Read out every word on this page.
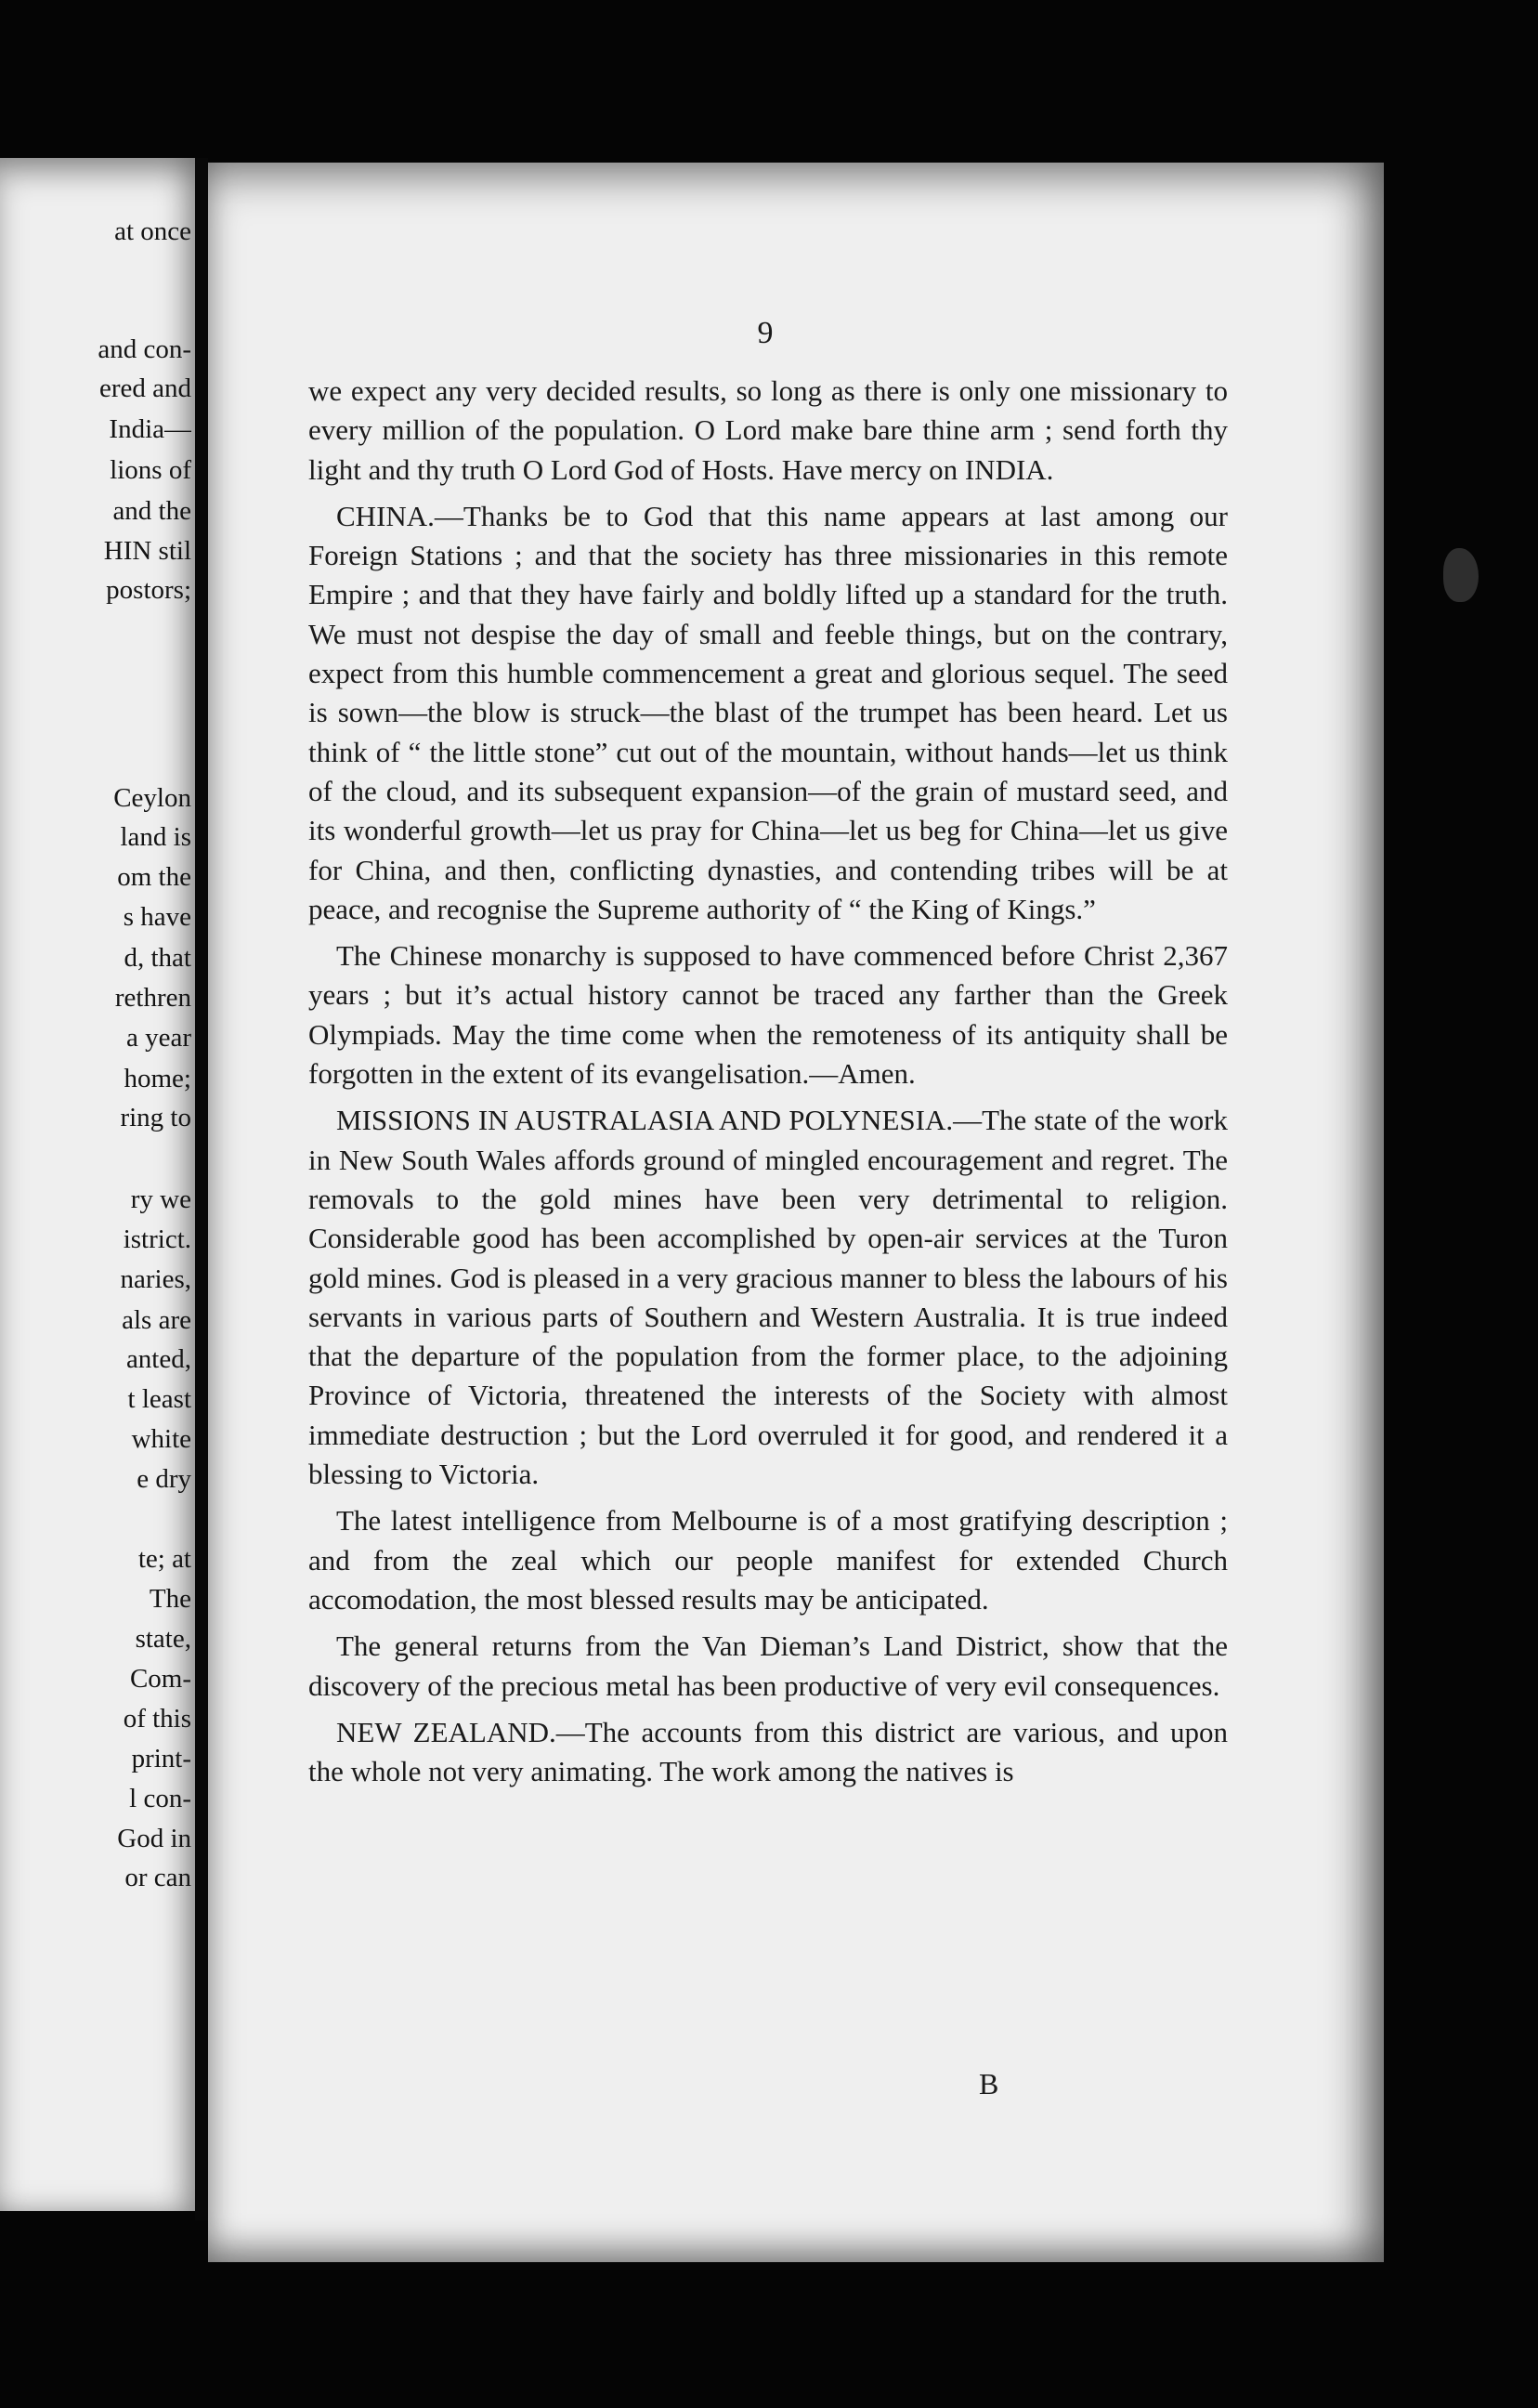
at once
and con-
ered and
India—
lions of
and the
HIN stil
postors;
Ceylon
land is
om the
s have
d, that
rethren
a year
home;
ring to
ry we
istrict.
naries,
als are
anted,
t least
white
e dry
te; at
The
state,
Com-
of this
print-
l con-
God in
or can
9

we expect any very decided results, so long as there is only one missionary to every million of the population. O Lord make bare thine arm ; send forth thy light and thy truth O Lord God of Hosts. Have mercy on INDIA.

CHINA.—Thanks be to God that this name appears at last among our Foreign Stations ; and that the society has three missionaries in this remote Empire ; and that they have fairly and boldly lifted up a standard for the truth. We must not despise the day of small and feeble things, but on the contrary, expect from this humble commencement a great and glorious sequel. The seed is sown—the blow is struck—the blast of the trumpet has been heard. Let us think of “ the little stone” cut out of the mountain, without hands—let us think of the cloud, and its subsequent expansion—of the grain of mustard seed, and its wonderful growth—let us pray for China—let us beg for China—let us give for China, and then, conflicting dynasties, and contending tribes will be at peace, and recognise the Supreme authority of “ the King of Kings.”

The Chinese monarchy is supposed to have commenced before Christ 2,367 years ; but it’s actual history cannot be traced any farther than the Greek Olympiads. May the time come when the remoteness of its antiquity shall be forgotten in the extent of its evangelisation.—Amen.

MISSIONS IN AUSTRALASIA AND POLYNESIA.—The state of the work in New South Wales affords ground of mingled encouragement and regret. The removals to the gold mines have been very detrimental to religion. Considerable good has been accomplished by open-air services at the Turon gold mines. God is pleased in a very gracious manner to bless the labours of his servants in various parts of Southern and Western Australia. It is true indeed that the departure of the population from the former place, to the adjoining Province of Victoria, threatened the interests of the Society with almost immediate destruction ; but the Lord overruled it for good, and rendered it a blessing to Victoria.

The latest intelligence from Melbourne is of a most gratifying description ; and from the zeal which our people manifest for extended Church accomodation, the most blessed results may be anticipated.

The general returns from the Van Dieman’s Land District, show that the discovery of the precious metal has been productive of very evil consequences.

NEW ZEALAND.—The accounts from this district are various, and upon the whole not very animating. The work among the natives is

B
